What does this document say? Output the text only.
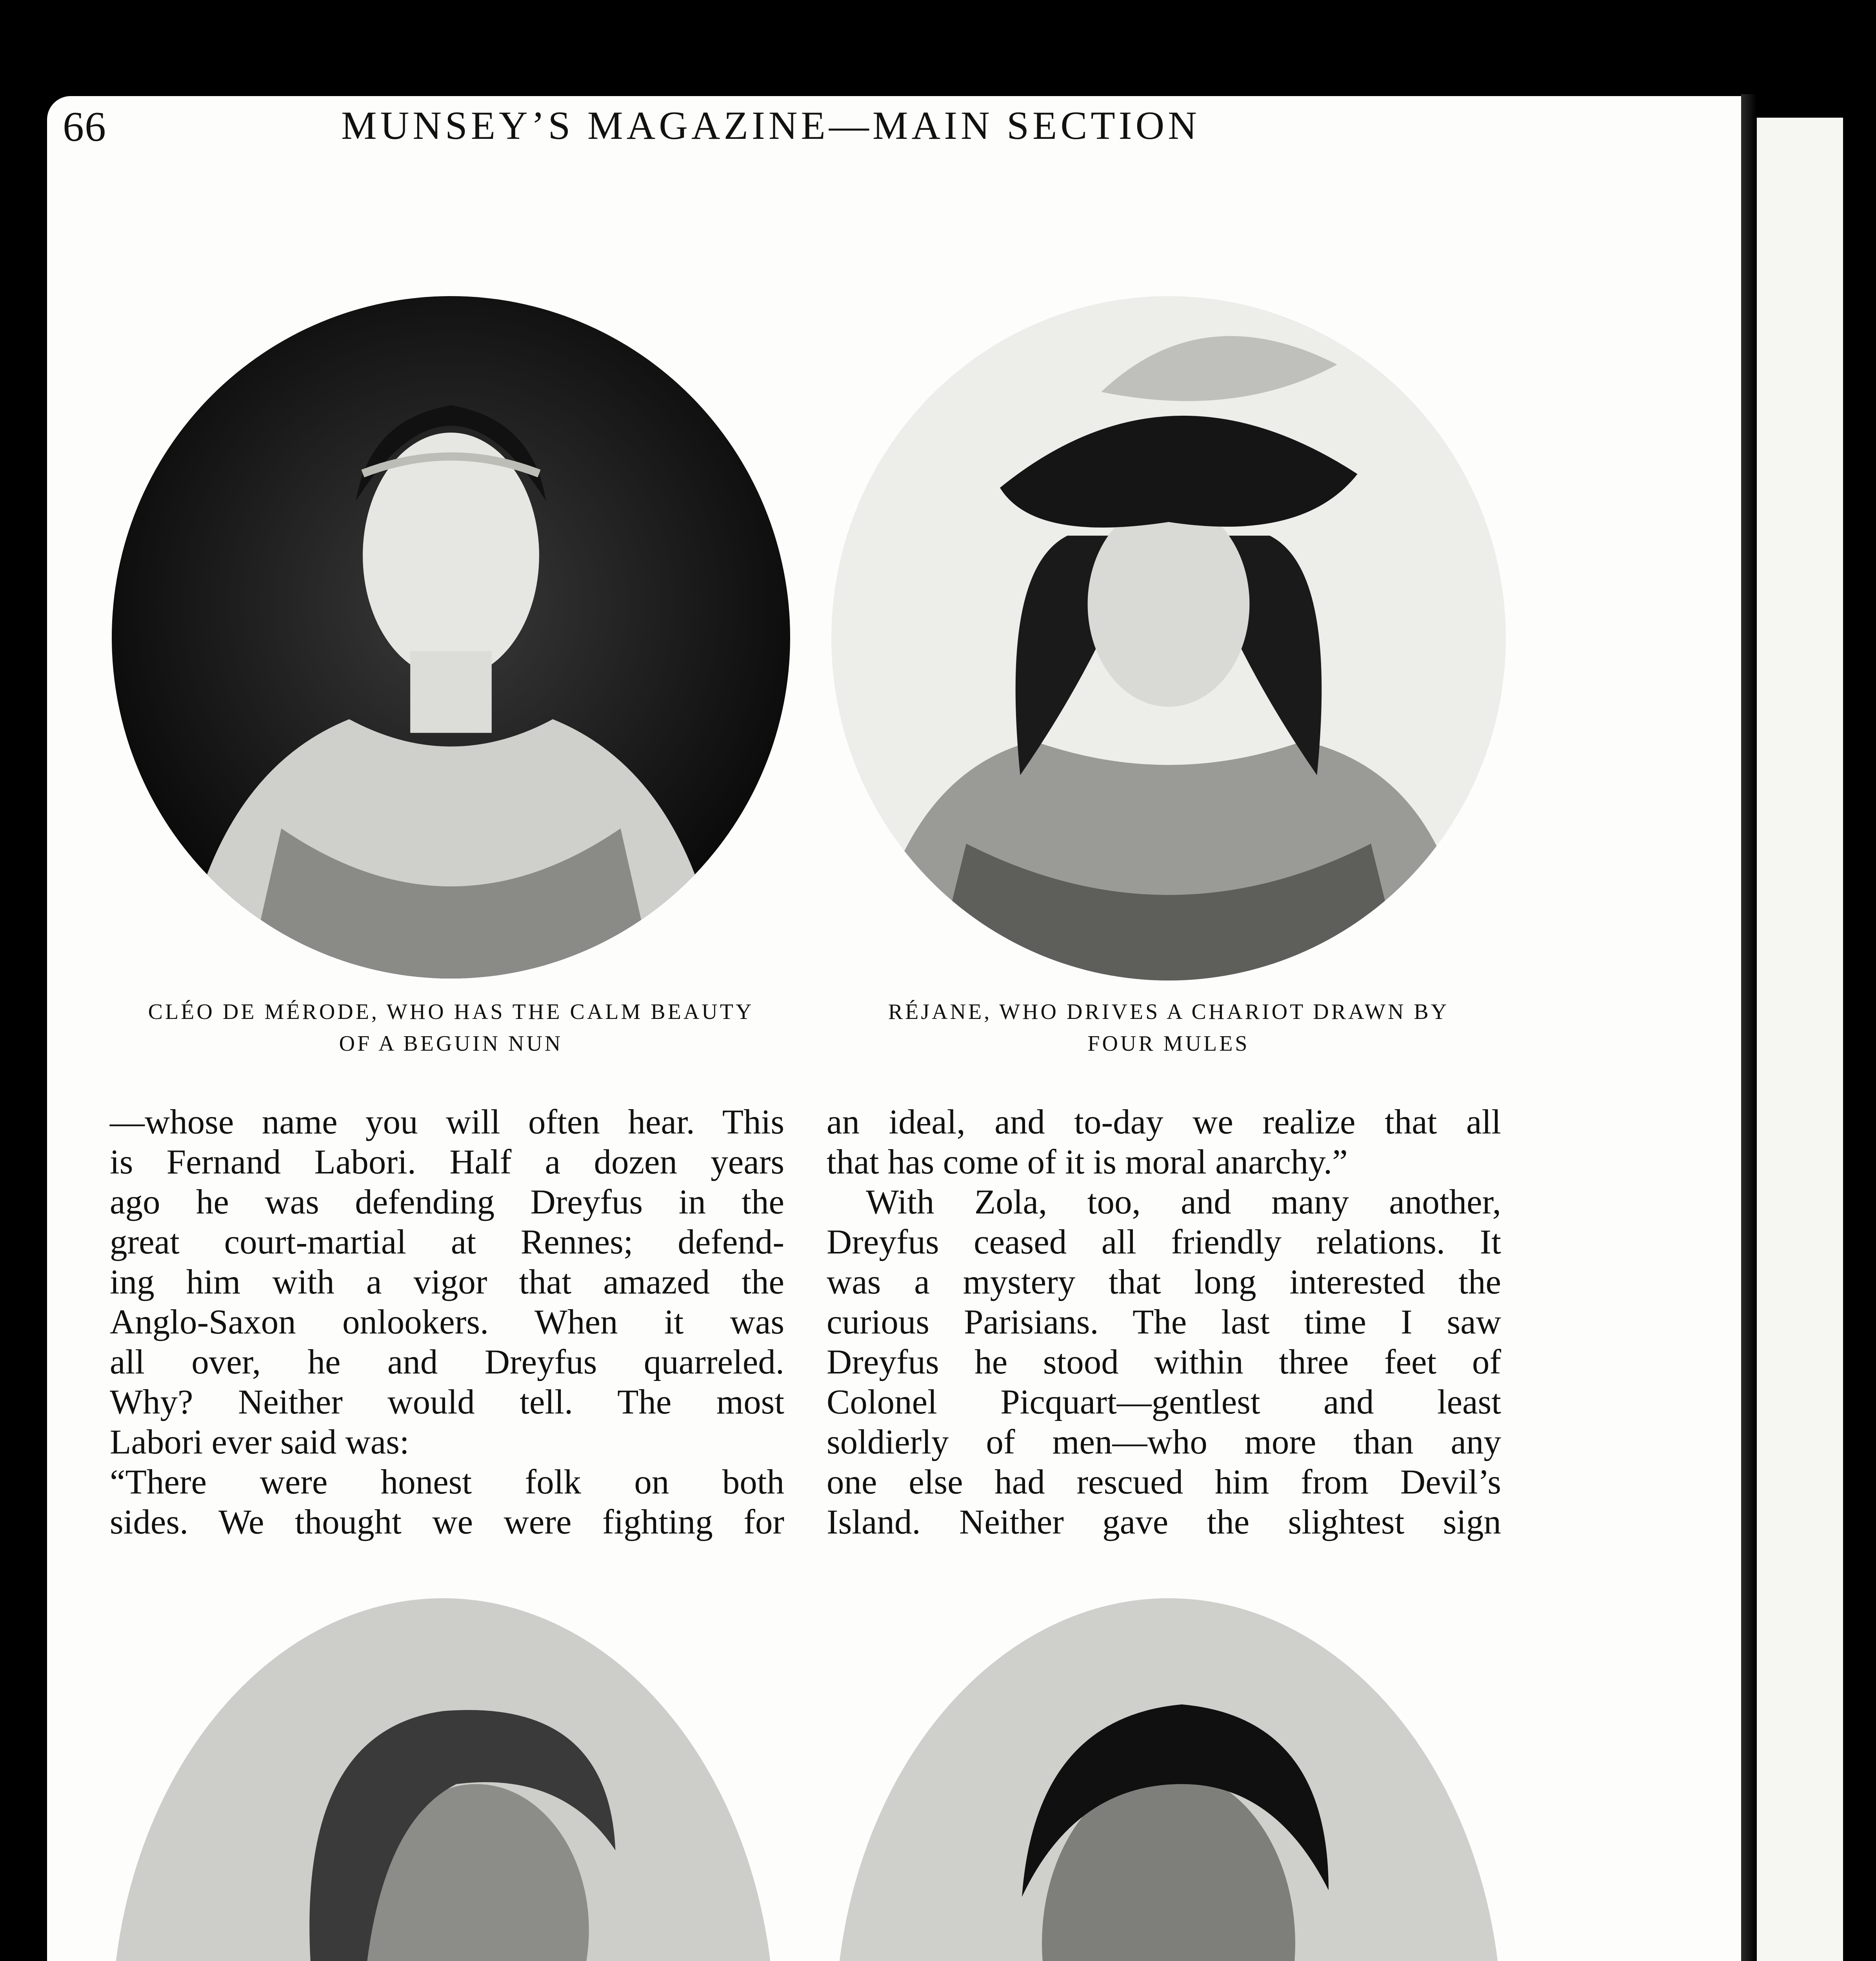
66	MUNSEY’S MAGAZINE—MAIN SECTION
CLÉO DE MÉRODE, WHO HAS THE CALM BEAUTY
OF A BEGUIN NUN
RÉJANE, WHO DRIVES A CHARIOT DRAWN BY
FOUR MULES
—whose name you will often hear. This
is Fernand Labori. Half a dozen years
ago he was defending Dreyfus in the
great court-martial at Rennes; defend-
ing him with a vigor that amazed the
Anglo-Saxon onlookers. When it was
all over, he and Dreyfus quarreled.
Why? Neither would tell. The most
Labori ever said was:
“There were honest folk on both
sides. We thought we were fighting for
an ideal, and to-day we realize that all
that has come of it is moral anarchy.”
With Zola, too, and many another,
Dreyfus ceased all friendly relations. It
was a mystery that long interested the
curious Parisians. The last time I saw
Dreyfus he stood within three feet of
Colonel Picquart—gentlest and least
soldierly of men—who more than any
one else had rescued him from Devil’s
Island. Neither gave the slightest sign
